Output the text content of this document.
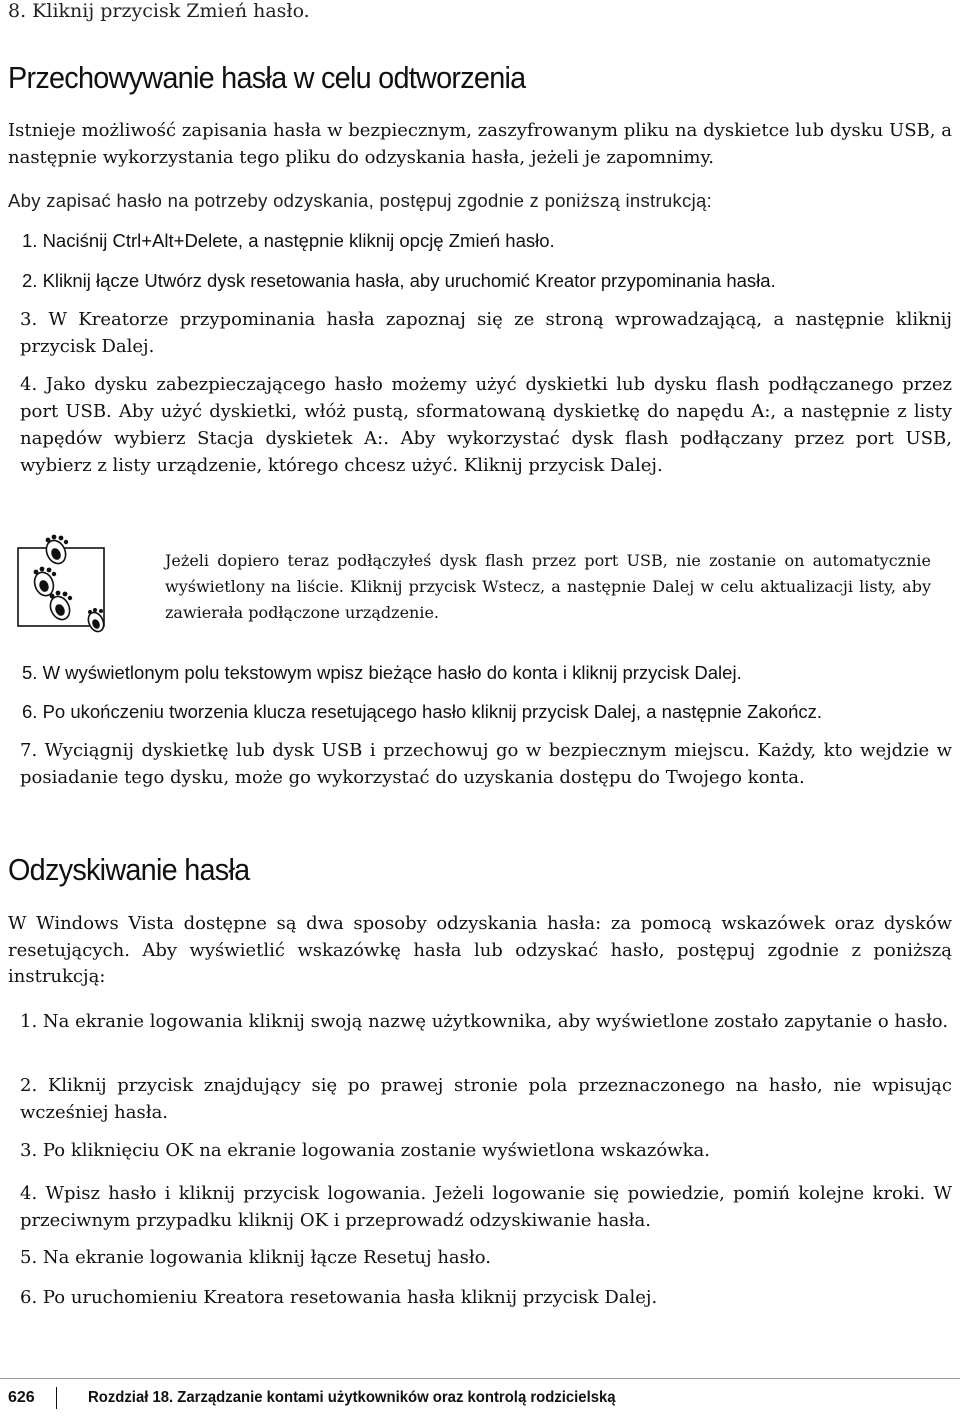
8. Kliknij przycisk Zmień hasło.
Przechowywanie hasła w celu odtworzenia

Istnieje możliwość zapisania hasła w bezpiecznym, zaszyfrowanym pliku na dyskietce lub dysku USB, a następnie wykorzystania tego pliku do odzyskania hasła, jeżeli je zapomnimy.

Aby zapisać hasło na potrzeby odzyskania, postępuj zgodnie z poniższą instrukcją:

1. Naciśnij Ctrl+Alt+Delete, a następnie kliknij opcję Zmień hasło.
2. Kliknij łącze Utwórz dysk resetowania hasła, aby uruchomić Kreator przypominania hasła.
3. W Kreatorze przypominania hasła zapoznaj się ze stroną wprowadzającą, a następnie kliknij przycisk Dalej.
4. Jako dysku zabezpieczającego hasło możemy użyć dyskietki lub dysku flash podłączanego przez port USB. Aby użyć dyskietki, włóż pustą, sformatowaną dyskietkę do napędu A:, a następnie z listy napędów wybierz Stacja dyskietek A:. Aby wykorzystać dysk flash podłączany przez port USB, wybierz z listy urządzenie, którego chcesz użyć. Kliknij przycisk Dalej.

Jeżeli dopiero teraz podłączyłeś dysk flash przez port USB, nie zostanie on automatycznie wyświetlony na liście. Kliknij przycisk Wstecz, a następnie Dalej w celu aktualizacji listy, aby zawierała podłączone urządzenie.

5. W wyświetlonym polu tekstowym wpisz bieżące hasło do konta i kliknij przycisk Dalej.
6. Po ukończeniu tworzenia klucza resetującego hasło kliknij przycisk Dalej, a następnie Zakończ.
7. Wyciągnij dyskietkę lub dysk USB i przechowuj go w bezpiecznym miejscu. Każdy, kto wejdzie w posiadanie tego dysku, może go wykorzystać do uzyskania dostępu do Twojego konta.
Odzyskiwanie hasła

W Windows Vista dostępne są dwa sposoby odzyskania hasła: za pomocą wskazówek oraz dysków resetujących. Aby wyświetlić wskazówkę hasła lub odzyskać hasło, postępuj zgodnie z poniższą instrukcją:

1. Na ekranie logowania kliknij swoją nazwę użytkownika, aby wyświetlone zostało zapytanie o hasło.
2. Kliknij przycisk znajdujący się po prawej stronie pola przeznaczonego na hasło, nie wpisując wcześniej hasła.
3. Po kliknięciu OK na ekranie logowania zostanie wyświetlona wskazówka.
4. Wpisz hasło i kliknij przycisk logowania. Jeżeli logowanie się powiedzie, pomiń kolejne kroki. W przeciwnym przypadku kliknij OK i przeprowadź odzyskiwanie hasła.
5. Na ekranie logowania kliknij łącze Resetuj hasło.
6. Po uruchomieniu Kreatora resetowania hasła kliknij przycisk Dalej.
626	Rozdział 18. Zarządzanie kontami użytkowników oraz kontrolą rodzicielską
